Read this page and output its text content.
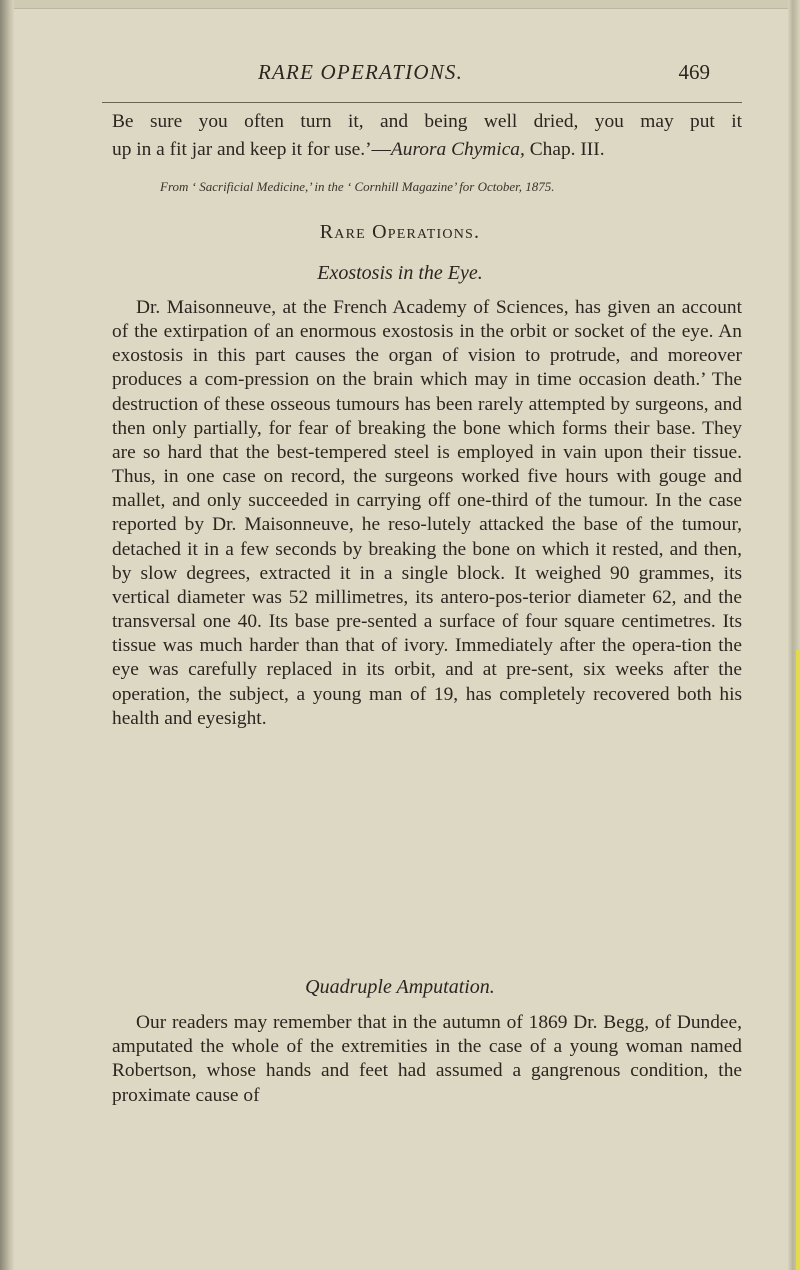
RARE OPERATIONS.	469
Be sure you often turn it, and being well dried, you may put it
up in a fit jar and keep it for use.’—Aurora Chymica, Chap. III.
From ‘ Sacrificial Medicine,’ in the ‘ Cornhill Magazine’ for October, 1875.
Rare Operations.
Exostosis in the Eye.
Dr. Maisonneuve, at the French Academy of Sciences, has given an account of the extirpation of an enormous exostosis in the orbit or socket of the eye. An exostosis in this part causes the organ of vision to protrude, and moreover produces a com-pression on the brain which may in time occasion death.’ The destruction of these osseous tumours has been rarely attempted by surgeons, and then only partially, for fear of breaking the bone which forms their base. They are so hard that the best-tempered steel is employed in vain upon their tissue. Thus, in one case on record, the surgeons worked five hours with gouge and mallet, and only succeeded in carrying off one-third of the tumour. In the case reported by Dr. Maisonneuve, he reso-lutely attacked the base of the tumour, detached it in a few seconds by breaking the bone on which it rested, and then, by slow degrees, extracted it in a single block. It weighed 90 grammes, its vertical diameter was 52 millimetres, its antero-pos-terior diameter 62, and the transversal one 40. Its base pre-sented a surface of four square centimetres. Its tissue was much harder than that of ivory. Immediately after the opera-tion the eye was carefully replaced in its orbit, and at pre-sent, six weeks after the operation, the subject, a young man of 19, has completely recovered both his health and eyesight.
Quadruple Amputation.
Our readers may remember that in the autumn of 1869 Dr. Begg, of Dundee, amputated the whole of the extremities in the case of a young woman named Robertson, whose hands and feet had assumed a gangrenous condition, the proximate cause of
